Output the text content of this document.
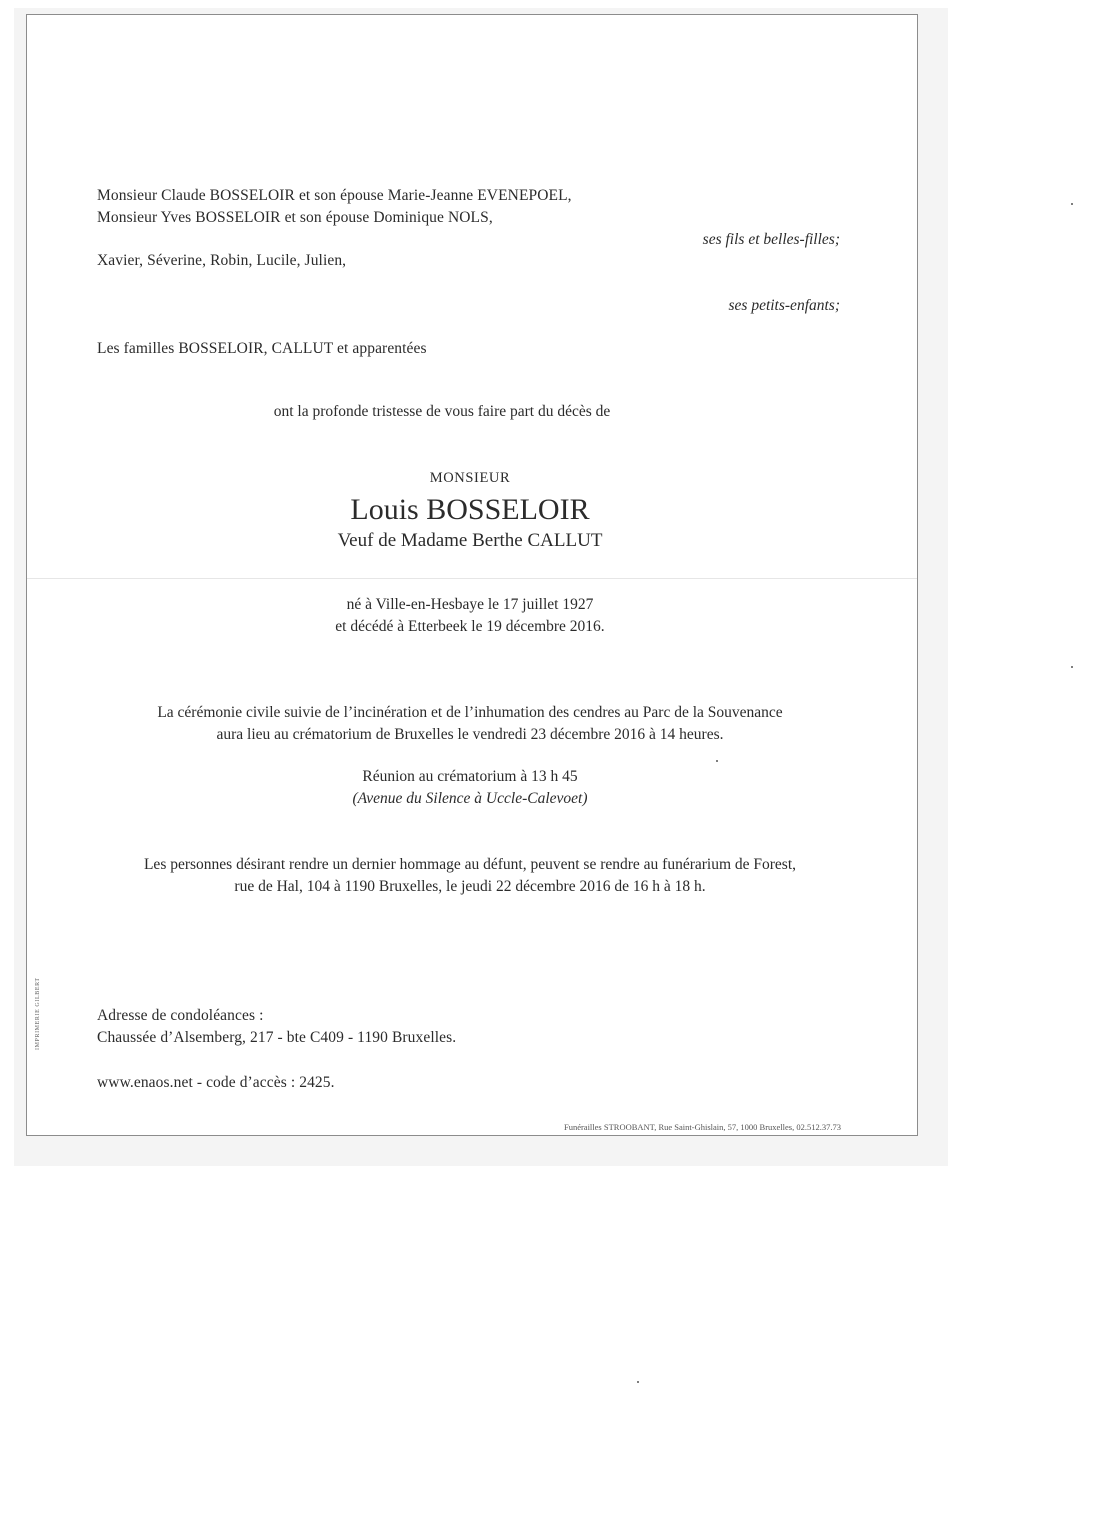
Monsieur Claude BOSSELOIR et son épouse Marie-Jeanne EVENEPOEL,
Monsieur Yves BOSSELOIR et son épouse Dominique NOLS,
ses fils et belles-filles;
Xavier, Séverine, Robin, Lucile, Julien,
ses petits-enfants;
Les familles BOSSELOIR, CALLUT et apparentées
ont la profonde tristesse de vous faire part du décès de
MONSIEUR
Louis BOSSELOIR
Veuf de Madame Berthe CALLUT
né à Ville-en-Hesbaye le 17 juillet 1927
et décédé à Etterbeek le 19 décembre 2016.
La cérémonie civile suivie de l’incinération et de l’inhumation des cendres au Parc de la Souvenance
aura lieu au crématorium de Bruxelles le vendredi 23 décembre 2016 à 14 heures.
Réunion au crématorium à 13 h 45
(Avenue du Silence à Uccle-Calevoet)
Les personnes désirant rendre un dernier hommage au défunt, peuvent se rendre au funérarium de Forest,
rue de Hal, 104 à 1190 Bruxelles, le jeudi 22 décembre 2016 de 16 h à 18 h.
Adresse de condoléances :
Chaussée d’Alsemberg, 217 - bte C409 - 1190 Bruxelles.
www.enaos.net - code d’accès : 2425.
Funérailles STROOBANT, Rue Saint-Ghislain, 57, 1000 Bruxelles, 02.512.37.73
IMPRIMERIE GILBERT
